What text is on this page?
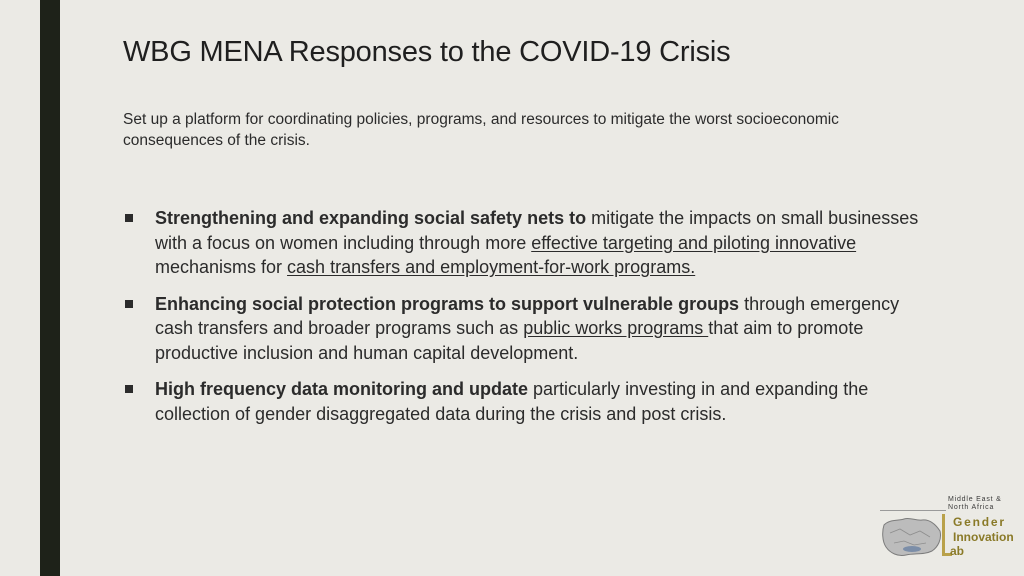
WBG MENA Responses to the COVID-19 Crisis

Set up a platform for coordinating policies, programs, and resources to mitigate the worst socioeconomic consequences of the crisis.

Strengthening and expanding social safety nets to mitigate the impacts on small businesses with a focus on women including through more effective targeting and piloting innovative mechanisms for cash transfers and employment-for-work programs.
Enhancing social protection programs to support vulnerable groups through emergency cash transfers and broader programs such as public works programs that aim to promote productive inclusion and human capital development.
High frequency data monitoring and update particularly investing in and expanding the collection of gender disaggregated data during the crisis and post crisis.
Middle East &
North Africa
Gender
Innovation
ab
